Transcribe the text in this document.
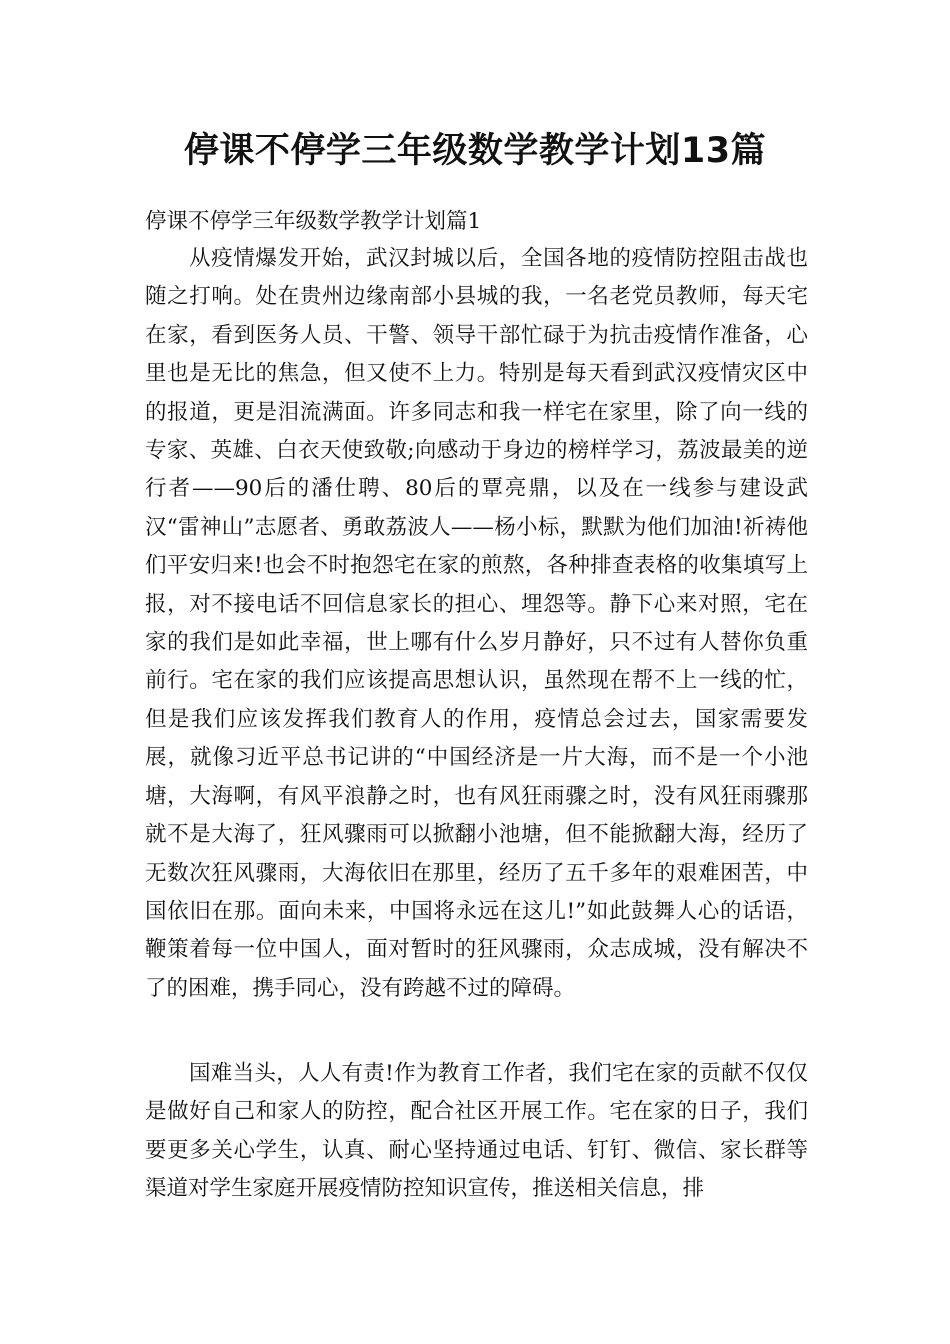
停课不停学三年级数学教学计划13篇

停课不停学三年级数学教学计划篇1

从疫情爆发开始，武汉封城以后，全国各地的疫情防控阻击战也随之打响。处在贵州边缘南部小县城的我，一名老党员教师，每天宅在家，看到医务人员、干警、领导干部忙碌于为抗击疫情作准备，心里也是无比的焦急，但又使不上力。特别是每天看到武汉疫情灾区中的报道，更是泪流满面。许多同志和我一样宅在家里，除了向一线的专家、英雄、白衣天使致敬;向感动于身边的榜样学习，荔波最美的逆行者——90后的潘仕聘、80后的覃亮鼎，以及在一线参与建设武汉“雷神山”志愿者、勇敢荔波人——杨小标，默默为他们加油!祈祷他们平安归来!也会不时抱怨宅在家的煎熬，各种排查表格的收集填写上报，对不接电话不回信息家长的担心、埋怨等。静下心来对照，宅在家的我们是如此幸福，世上哪有什么岁月静好，只不过有人替你负重前行。宅在家的我们应该提高思想认识，虽然现在帮不上一线的忙，但是我们应该发挥我们教育人的作用，疫情总会过去，国家需要发展，就像习近平总书记讲的“中国经济是一片大海，而不是一个小池塘，大海啊，有风平浪静之时，也有风狂雨骤之时，没有风狂雨骤那就不是大海了，狂风骤雨可以掀翻小池塘，但不能掀翻大海，经历了无数次狂风骤雨，大海依旧在那里，经历了五千多年的艰难困苦，中国依旧在那。面向未来，中国将永远在这儿!”如此鼓舞人心的话语，鞭策着每一位中国人，面对暂时的狂风骤雨，众志成城，没有解决不了的困难，携手同心，没有跨越不过的障碍。

国难当头，人人有责!作为教育工作者，我们宅在家的贡献不仅仅是做好自己和家人的防控，配合社区开展工作。宅在家的日子，我们要更多关心学生，认真、耐心坚持通过电话、钉钉、微信、家长群等渠道对学生家庭开展疫情防控知识宣传，推送相关信息，排
